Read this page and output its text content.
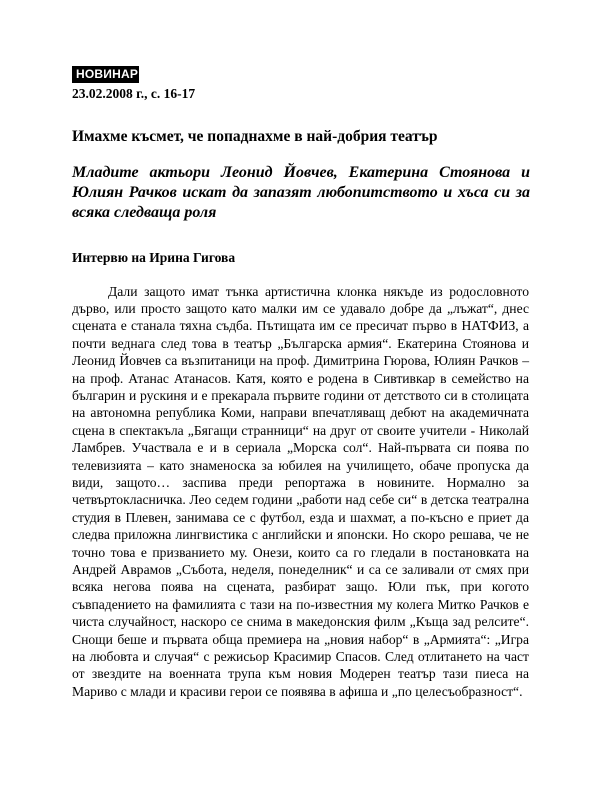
НОВИНАР
23.02.2008 г., с. 16-17
Имахме късмет, че попаднахме в най-добрия театър
Младите актьори Леонид Йовчев, Екатерина Стоянова и Юлиян Рачков искат да запазят любопитството и хъса си за всяка следваща роля
Интервю на Ирина Гигова
Дали защото имат тънка артистична клонка някъде из родословното дърво, или просто защото като малки им се удавало добре да „лъжат“, днес сцената е станала тяхна съдба. Пътищата им се пресичат първо в НАТФИЗ, а почти веднага след това в театър „Българска армия“. Екатерина Стоянова и Леонид Йовчев са възпитаници на проф. Димитрина Гюрова, Юлиян Рачков – на проф. Атанас Атанасов. Катя, която е родена в Сивтивкар в семейство на българин и рускиня и е прекарала първите години от детството си в столицата на автономна република Коми, направи впечатляващ дебют на академичната сцена в спектакъла „Бягащи странници“ на друг от своите учители - Николай Ламбрев. Участвала е и в сериала „Морска сол“. Най-първата си поява по телевизията – като знаменоска за юбилея на училището, обаче пропуска да види, защото… заспива преди репортажа в новините. Нормално за четвъртокласничка. Лео седем години „работи над себе си“ в детска театрална студия в Плевен, занимава се с футбол, езда и шахмат, а по-късно е приет да следва приложна лингвистика с английски и японски. Но скоро решава, че не точно това е призванието му. Онези, които са го гледали в постановката на Андрей Аврамов „Събота, неделя, понеделник“ и са се заливали от смях при всяка негова поява на сцената, разбират защо. Юли пък, при когото съвпадението на фамилията с тази на по-известния му колега Митко Рачков е чиста случайност, наскоро се снима в македонския филм „Къща зад релсите“. Снощи беше и първата обща премиера на „новия набор“ в „Армията“: „Игра на любовта и случая“ с режисьор Красимир Спасов. След отлитането на част от звездите на военната трупа към новия Модерен театър тази пиеса на Мариво с млади и красиви герои се появява в афиша и „по целесъобразност“.
